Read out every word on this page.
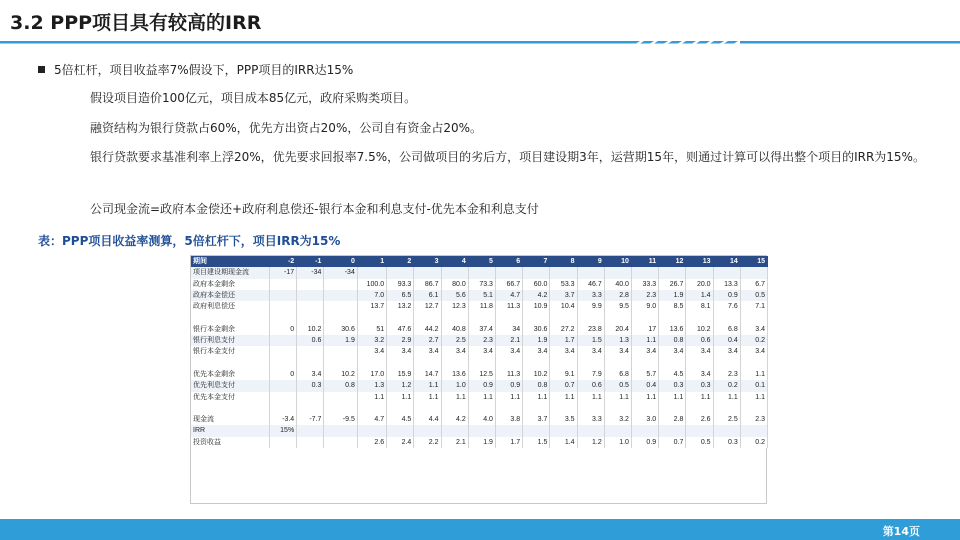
3.2 PPP项目具有较高的IRR
5倍杠杆，项目收益率7%假设下，PPP项目的IRR达15%
假设项目造价100亿元，项目成本85亿元，政府采购类项目。
融资结构为银行贷款占60%，优先方出资占20%，公司自有资金占20%。
银行贷款要求基准利率上浮20%，优先要求回报率7.5%，公司做项目的劣后方，项目建设期3年，运营期15年，则通过计算可以得出整个项目的IRR为15%。
公司现金流=政府本金偿还+政府利息偿还-银行本金和利息支付-优先本金和利息支付
表：PPP项目收益率测算，5倍杠杆下，项目IRR为15%
期间	-2	-1	0	1	2	3	4	5	6	7	8	9	10	11	12	13	14	15
项目建设期现金流	-17	-34	-34															
政府本金剩余				100.0	93.3	86.7	80.0	73.3	66.7	60.0	53.3	46.7	40.0	33.3	26.7	20.0	13.3	6.7
政府本金偿还				7.0	6.5	6.1	5.6	5.1	4.7	4.2	3.7	3.3	2.8	2.3	1.9	1.4	0.9	0.5
政府利息偿还				13.7	13.2	12.7	12.3	11.8	11.3	10.9	10.4	9.9	9.5	9.0	8.5	8.1	7.6	7.1

银行本金剩余	0	10.2	30.6	51	47.6	44.2	40.8	37.4	34	30.6	27.2	23.8	20.4	17	13.6	10.2	6.8	3.4
银行利息支付		0.6	1.9	3.2	2.9	2.7	2.5	2.3	2.1	1.9	1.7	1.5	1.3	1.1	0.8	0.6	0.4	0.2
银行本金支付				3.4	3.4	3.4	3.4	3.4	3.4	3.4	3.4	3.4	3.4	3.4	3.4	3.4	3.4	3.4

优先本金剩余	0	3.4	10.2	17.0	15.9	14.7	13.6	12.5	11.3	10.2	9.1	7.9	6.8	5.7	4.5	3.4	2.3	1.1
优先利息支付		0.3	0.8	1.3	1.2	1.1	1.0	0.9	0.9	0.8	0.7	0.6	0.5	0.4	0.3	0.3	0.2	0.1
优先本金支付				1.1	1.1	1.1	1.1	1.1	1.1	1.1	1.1	1.1	1.1	1.1	1.1	1.1	1.1	1.1

现金流	-3.4	-7.7	-9.5	4.7	4.5	4.4	4.2	4.0	3.8	3.7	3.5	3.3	3.2	3.0	2.8	2.6	2.5	2.3
IRR	15%																	
投资收益				2.6	2.4	2.2	2.1	1.9	1.7	1.5	1.4	1.2	1.0	0.9	0.7	0.5	0.3	0.2
第14页
